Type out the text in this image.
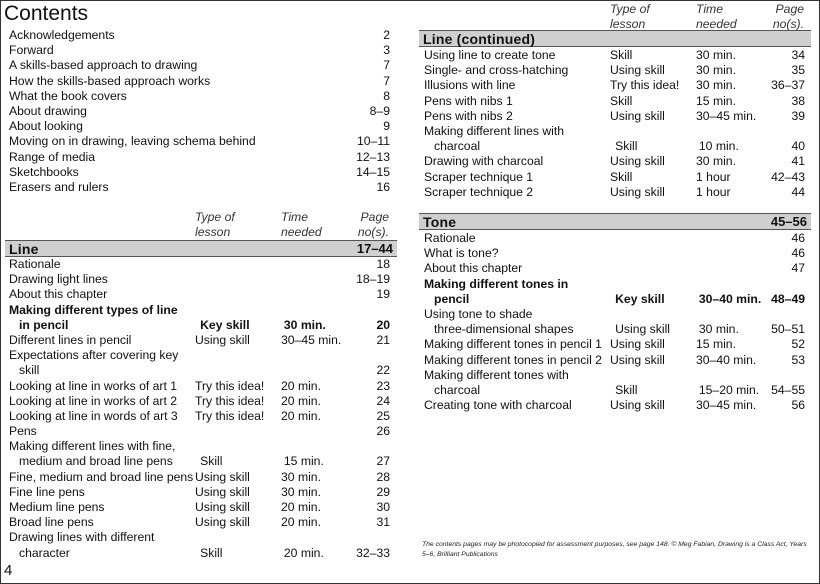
Contents
Acknowledgements	2
Forward	3
A skills-based approach to drawing	7
How the skills-based approach works	7
What the book covers	8
About drawing	8–9
About looking	9
Moving on in drawing, leaving schema behind	10–11
Range of media	12–13
Sketchbooks	14–15
Erasers and rulers	16
Type of lesson
Time needed
Page no(s).
Line	17–44
Rationale	18
Drawing light lines	18–19
About this chapter	19
Making different types of line
in pencil	Key skill	30 min.	20
Different lines in pencil	Using skill	30–45 min.	21
Expectations after covering key
skill	22
Looking at line in works of art 1	Try this idea!	20 min.	23
Looking at line in works of art 2	Try this idea!	20 min.	24
Looking at line in words of art 3	Try this idea!	20 min.	25
Pens	26
Making different lines with fine,
medium and broad line pens	Skill	15 min.	27
Fine, medium and broad line pens Using skill	30 min.	28
Fine line pens	Using skill	30 min.	29
Medium line pens	Using skill	20 min.	30
Broad line pens	Using skill	20 min.	31
Drawing lines with different
character	Skill	20 min.	32–33
Type of lesson
Time needed
Page no(s).
Line (continued)
Using line to create tone	Skill	30 min.	34
Single- and cross-hatching	Using skill	30 min.	35
Illusions with line	Try this idea!	30 min.	36–37
Pens with nibs 1	Skill	15 min.	38
Pens with nibs 2	Using skill	30–45 min.	39
Making different lines with
charcoal	Skill	10 min.	40
Drawing with charcoal	Using skill	30 min.	41
Scraper technique 1	Skill	1 hour	42–43
Scraper technique 2	Using skill	1 hour	44
Tone	45–56
Rationale	46
What is tone?	46
About this chapter	47
Making different tones in
pencil	Key skill	30–40 min. 48–49
Using tone to shade
three-dimensional shapes	Using skill	30 min.	50–51
Making different tones in pencil 1 Using skill	15 min.	52
Making different tones in pencil 2 Using skill	30–40 min.	53
Making different tones with
charcoal	Skill	15–20 min. 54–55
Creating tone with charcoal	Using skill	30–45 min.	56
The contents pages may be photocopied for assessment purposes, see page 148. © Meg Fabian, Drawing is a Class Act, Years 5–6, Brilliant Publications
4
